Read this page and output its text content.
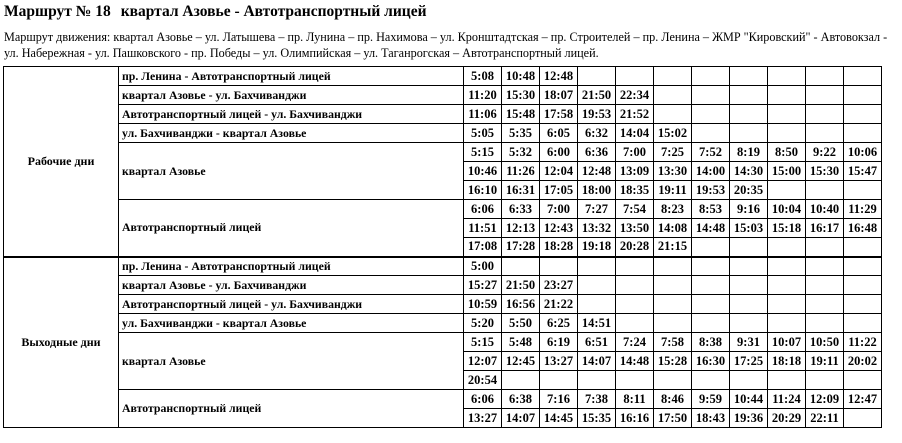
Маршрут № 18 квартал Азовье - Автотранспортный лицей
Маршрут движения: квартал Азовье – ул. Латышева – пр. Лунина – пр. Нахимова – ул. Кронштадтская – пр. Строителей – пр. Ленина – ЖМР "Кировский" - Автовокзал - ул. Набережная - ул. Пашковского - пр. Победы – ул. Олимпийская – ул. Таганрогская – Автотранспортный лицей.
Рабочие дни	пр. Ленина - Автотранспортный лицей	5:08	10:48	12:48								
	квартал Азовье - ул. Бахчиванджи	11:20	15:30	18:07	21:50	22:34						
	Автотранспортный лицей - ул. Бахчиванджи	11:06	15:48	17:58	19:53	21:52						
	ул. Бахчиванджи - квартал Азовье	5:05	5:35	6:05	6:32	14:04	15:02					
	квартал Азовье	5:15	5:32	6:00	6:36	7:00	7:25	7:52	8:19	8:50	9:22	10:06
		10:46	11:26	12:04	12:48	13:09	13:30	14:00	14:30	15:00	15:30	15:47
		16:10	16:31	17:05	18:00	18:35	19:11	19:53	20:35			
	Автотранспортный лицей	6:06	6:33	7:00	7:27	7:54	8:23	8:53	9:16	10:04	10:40	11:29
		11:51	12:13	12:43	13:32	13:50	14:08	14:48	15:03	15:18	16:17	16:48
		17:08	17:28	18:28	19:18	20:28	21:15					
Выходные дни	пр. Ленина - Автотранспортный лицей	5:00										
	квартал Азовье - ул. Бахчиванджи	15:27	21:50	23:27								
	Автотранспортный лицей - ул. Бахчиванджи	10:59	16:56	21:22								
	ул. Бахчиванджи - квартал Азовье	5:20	5:50	6:25	14:51							
	квартал Азовье	5:15	5:48	6:19	6:51	7:24	7:58	8:38	9:31	10:07	10:50	11:22
		12:07	12:45	13:27	14:07	14:48	15:28	16:30	17:25	18:18	19:11	20:02
		20:54										
	Автотранспортный лицей	6:06	6:38	7:16	7:38	8:11	8:46	9:59	10:44	11:24	12:09	12:47
		13:27	14:07	14:45	15:35	16:16	17:50	18:43	19:36	20:29	22:11	
